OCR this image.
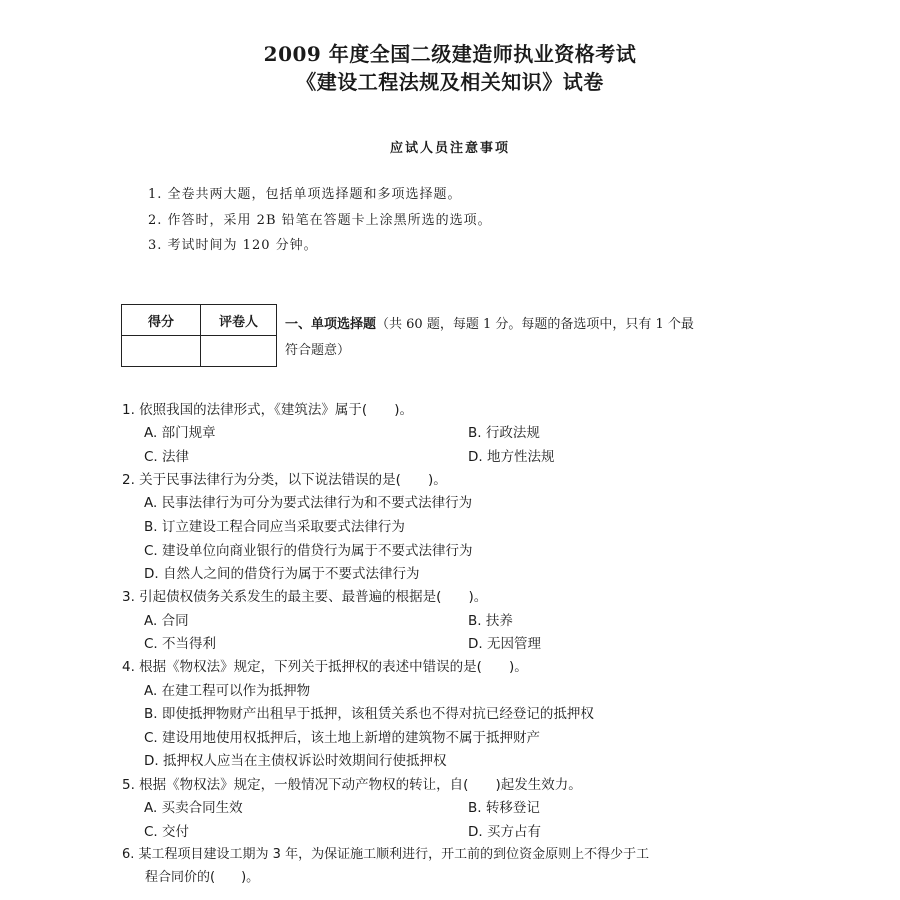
2009 年度全国二级建造师执业资格考试
《建设工程法规及相关知识》试卷
应试人员注意事项
1. 全卷共两大题，包括单项选择题和多项选择题。
2. 作答时，采用 2B 铅笔在答题卡上涂黑所选的选项。
3. 考试时间为 120 分钟。
得分	评卷人
	一、单项选择题（共 60 题，每题 1 分。每题的备选项中，只有 1 个最
符合题意）
1. 依照我国的法律形式，《建筑法》属于(　　)。
A. 部门规章	B. 行政法规
C. 法律	D. 地方性法规
2. 关于民事法律行为分类，以下说法错误的是(　　)。
A. 民事法律行为可分为要式法律行为和不要式法律行为
B. 订立建设工程合同应当采取要式法律行为
C. 建设单位向商业银行的借贷行为属于不要式法律行为
D. 自然人之间的借贷行为属于不要式法律行为
3. 引起债权债务关系发生的最主要、最普遍的根据是(　　)。
A. 合同	B. 扶养
C. 不当得利	D. 无因管理
4. 根据《物权法》规定，下列关于抵押权的表述中错误的是(　　)。
A. 在建工程可以作为抵押物
B. 即使抵押物财产出租早于抵押，该租赁关系也不得对抗已经登记的抵押权
C. 建设用地使用权抵押后，该土地上新增的建筑物不属于抵押财产
D. 抵押权人应当在主债权诉讼时效期间行使抵押权
5. 根据《物权法》规定，一般情况下动产物权的转让，自(　　)起发生效力。
A. 买卖合同生效	B. 转移登记
C. 交付	D. 买方占有
6. 某工程项目建设工期为 3 年，为保证施工顺利进行，开工前的到位资金原则上不得少于工
程合同价的(　　)。
